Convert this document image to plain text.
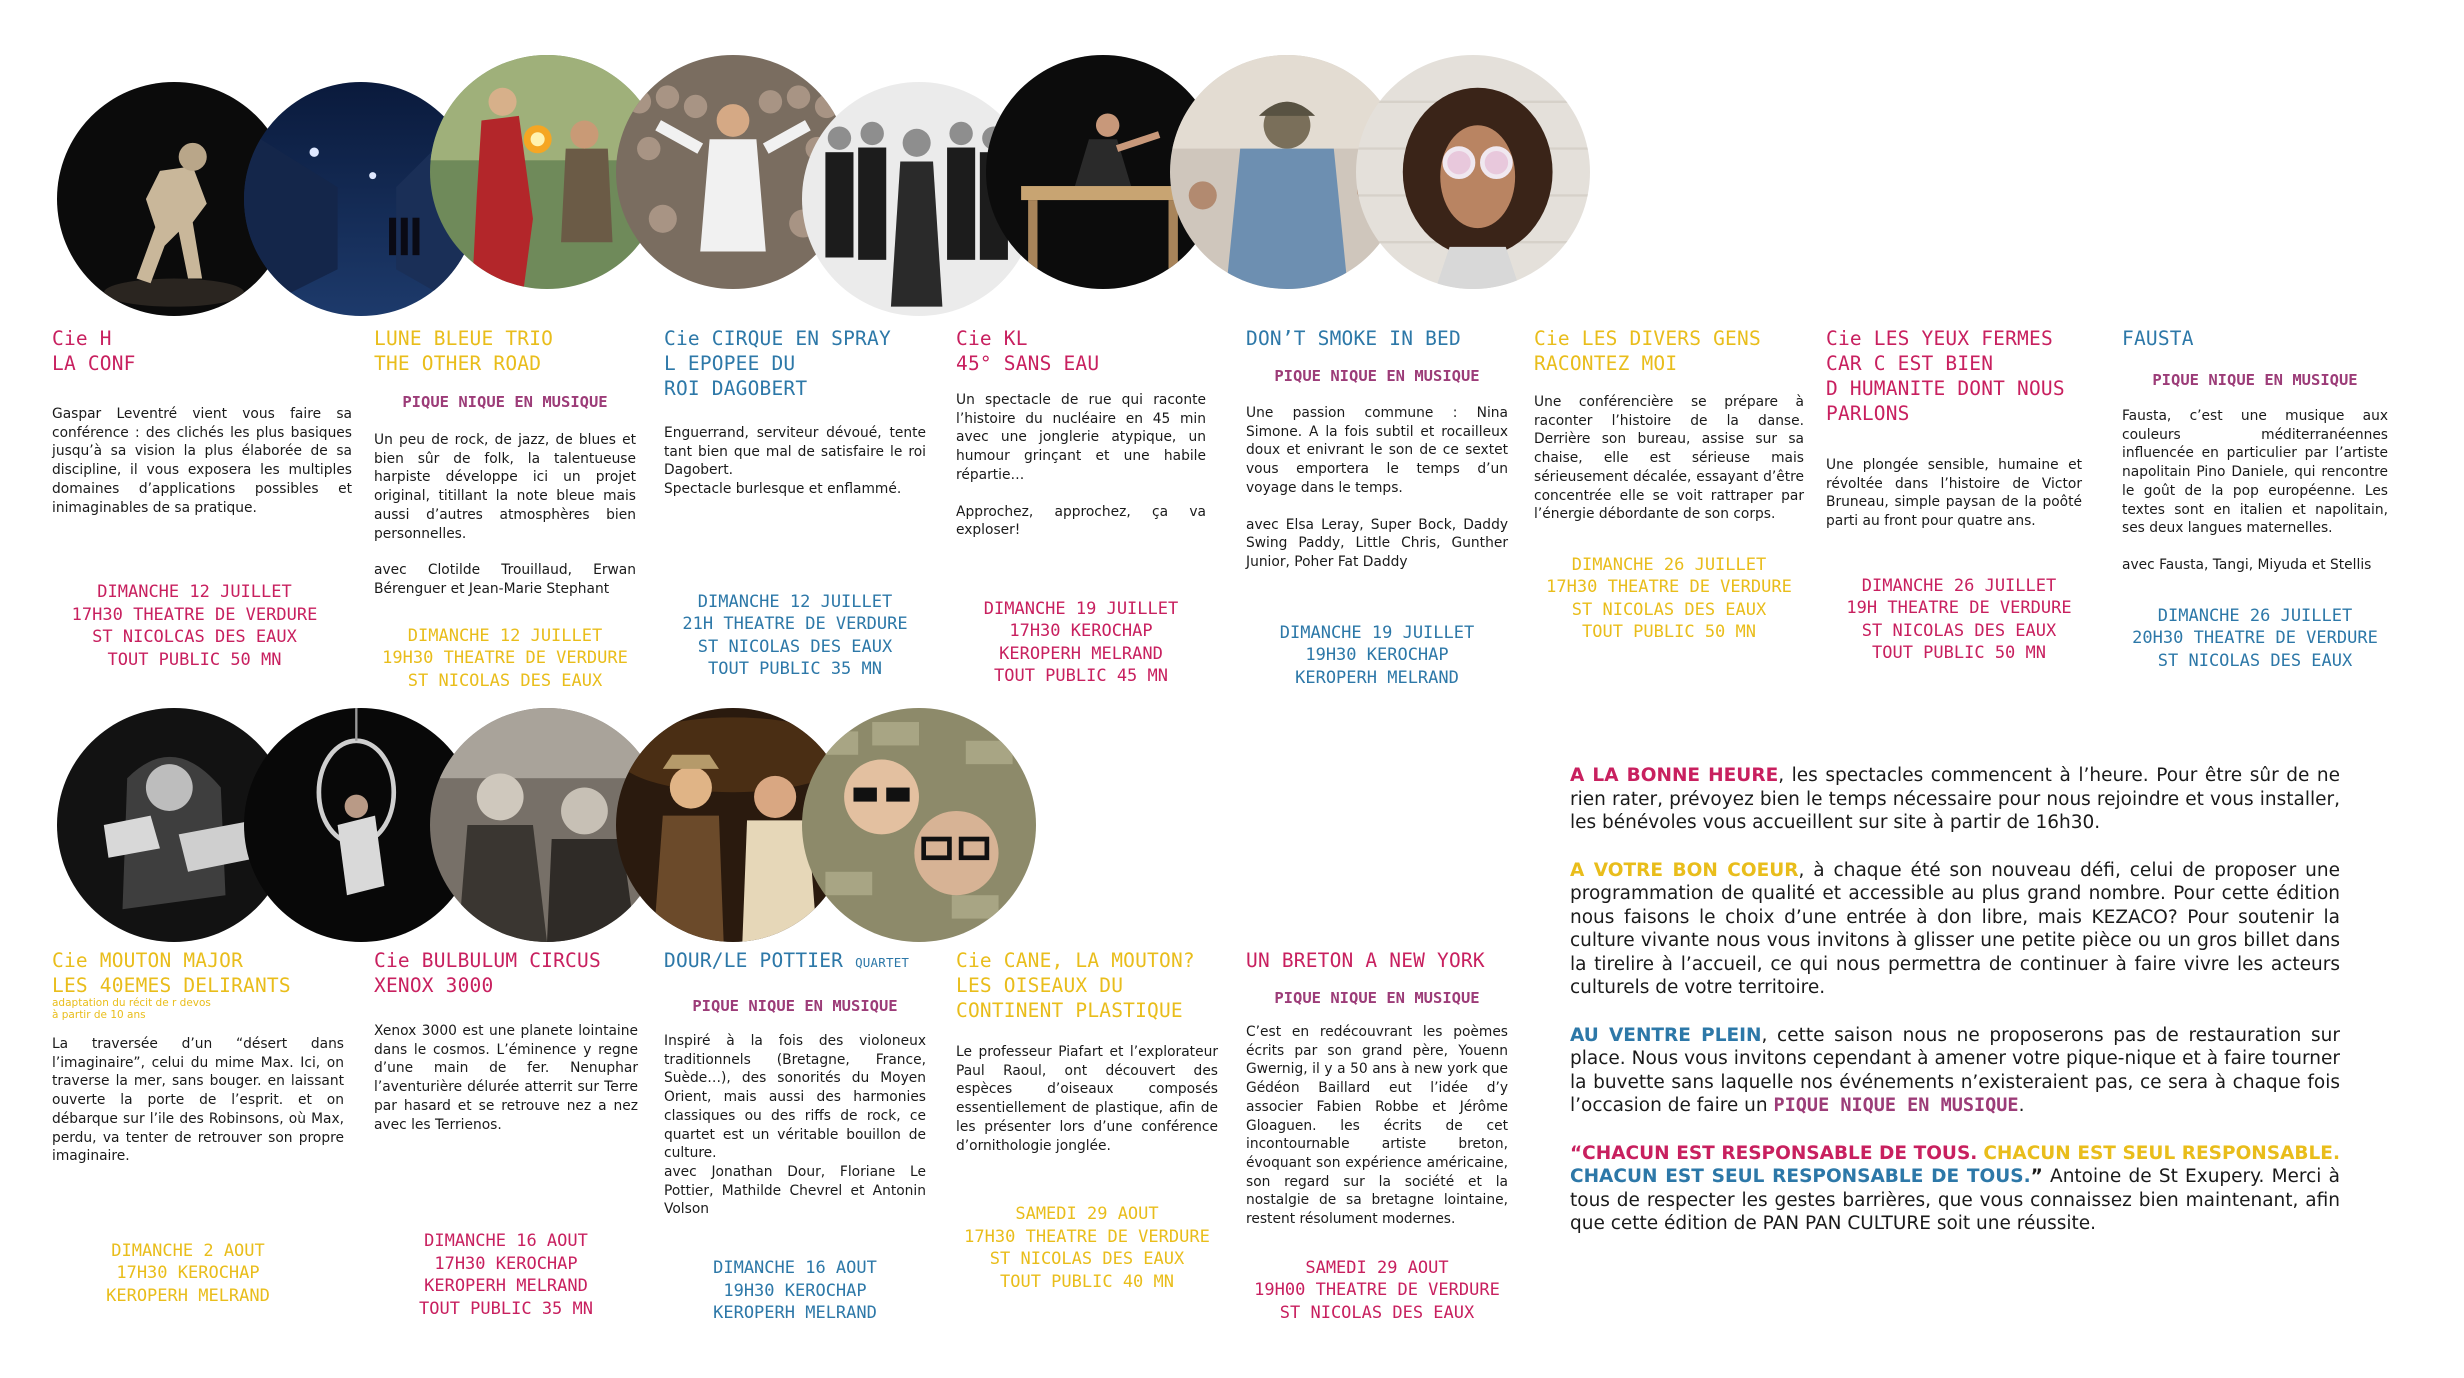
Cie H
LA CONF

Gaspar Leventré vient vous faire sa conférence : des clichés les plus basiques jusqu’à sa vision la plus élaborée de sa discipline, il vous exposera les multiples domaines d’applications possibles et inimaginables de sa pratique.

DIMANCHE 12 JUILLET
17H30 THEATRE DE VERDURE
ST NICOLCAS DES EAUX
TOUT PUBLIC 50 MN
LUNE BLEUE TRIO
THE OTHER ROAD

PIQUE NIQUE EN MUSIQUE

Un peu de rock, de jazz, de blues et bien sûr de folk, la talentueuse harpiste développe ici un projet original, titillant la note bleue mais aussi d’autres atmosphères bien personnelles.

avec Clotilde Trouillaud, Erwan Bérenguer et Jean-Marie Stephant

DIMANCHE 12 JUILLET
19H30 THEATRE DE VERDURE
ST NICOLAS DES EAUX
Cie CIRQUE EN SPRAY
L EPOPEE DU
ROI DAGOBERT

Enguerrand, serviteur dévoué, tente tant bien que mal de satisfaire le roi Dagobert.

Spectacle burlesque et enflammé.

DIMANCHE 12 JUILLET
21H THEATRE DE VERDURE
ST NICOLAS DES EAUX
TOUT PUBLIC 35 MN
Cie KL
45° SANS EAU

Un spectacle de rue qui raconte l’histoire du nucléaire en 45 min avec une jonglerie atypique, un humour grinçant et une habile répartie…

Approchez, approchez, ça va exploser!

DIMANCHE 19 JUILLET
17H30 KEROCHAP
KEROPERH MELRAND
TOUT PUBLIC 45 MN
DON’T SMOKE IN BED

PIQUE NIQUE EN MUSIQUE

Une passion commune : Nina Simone. A la fois subtil et rocailleux doux et enivrant le son de ce sextet vous emportera le temps d’un voyage dans le temps.

avec Elsa Leray, Super Bock, Daddy Swing Paddy, Little Chris, Gunther Junior, Poher Fat Daddy

DIMANCHE 19 JUILLET
19H30 KEROCHAP
KEROPERH MELRAND
Cie LES DIVERS GENS
RACONTEZ MOI

Une conférencière se prépare à raconter l’histoire de la danse. Derrière son bureau, assise sur sa chaise, elle est sérieuse mais sérieusement décalée, essayant d’être concentrée elle se voit rattraper par l’énergie débordante de son corps.

DIMANCHE 26 JUILLET
17H30 THEATRE DE VERDURE
ST NICOLAS DES EAUX
TOUT PUBLIC 50 MN
Cie LES YEUX FERMES
CAR C EST BIEN
D HUMANITE DONT NOUS
PARLONS

Une plongée sensible, humaine et révoltée dans l’histoire de Victor Bruneau, simple paysan de la poôté parti au front pour quatre ans.

DIMANCHE 26 JUILLET
19H THEATRE DE VERDURE
ST NICOLAS DES EAUX
TOUT PUBLIC 50 MN
FAUSTA

PIQUE NIQUE EN MUSIQUE

Fausta, c’est une musique aux couleurs méditerranéennes influencée en particulier par l’artiste napolitain Pino Daniele, qui rencontre le goût de la pop européenne. Les textes sont en italien et napolitain, ses deux langues maternelles.

avec Fausta, Tangi, Miyuda et Stellis

DIMANCHE 26 JUILLET
20H30 THEATRE DE VERDURE
ST NICOLAS DES EAUX
Cie MOUTON MAJOR
LES 40EMES DELIRANTS

adaptation du récit de r devos

à partir de 10 ans

La traversée d’un “désert dans l’imaginaire”, celui du mime Max. Ici, on traverse la mer, sans bouger. en laissant ouverte la porte de l’esprit. et on débarque sur l’ile des Robinsons, où Max, perdu, va tenter de retrouver son propre imaginaire.

DIMANCHE 2 AOUT
17H30 KEROCHAP
KEROPERH MELRAND
Cie BULBULUM CIRCUS
XENOX 3000

Xenox 3000 est une planete lointaine dans le cosmos. L’éminence y regne d’une main de fer. Nenuphar l’aventurière délurée atterrit sur Terre par hasard et se retrouve nez a nez avec les Terrienos.

DIMANCHE 16 AOUT
17H30 KEROCHAP
KEROPERH MELRAND
TOUT PUBLIC 35 MN
DOUR/LE POTTIER QUARTET

PIQUE NIQUE EN MUSIQUE

Inspiré à la fois des violoneux traditionnels (Bretagne, France, Suède…), des sonorités du Moyen Orient, mais aussi des harmonies classiques ou des riffs de rock, ce quartet est un véritable bouillon de culture.

avec Jonathan Dour, Floriane Le Pottier, Mathilde Chevrel et Antonin Volson

DIMANCHE 16 AOUT
19H30 KEROCHAP
KEROPERH MELRAND
Cie CANE, LA MOUTON?
LES OISEAUX DU
CONTINENT PLASTIQUE

Le professeur Piafart et l’explorateur Paul Raoul, ont découvert des espèces d’oiseaux composés essentiellement de plastique, afin de les présenter lors d’une conférence d’ornithologie jonglée.

SAMEDI 29 AOUT
17H30 THEATRE DE VERDURE
ST NICOLAS DES EAUX
TOUT PUBLIC 40 MN
UN BRETON A NEW YORK

PIQUE NIQUE EN MUSIQUE

C’est en redécouvrant les poèmes écrits par son grand père, Youenn Gwernig, il y a 50 ans à new york que Gédéon Baillard eut l’idée d’y associer Fabien Robbe et Jérôme Gloaguen. les écrits de cet incontournable artiste breton, évoquant son expérience américaine, son regard sur la société et la nostalgie de sa bretagne lointaine, restent résolument modernes.

SAMEDI 29 AOUT
19H00 THEATRE DE VERDURE
ST NICOLAS DES EAUX

A LA BONNE HEURE, les spectacles commencent à l’heure. Pour être sûr de ne rien rater, prévoyez bien le temps nécessaire pour nous rejoindre et vous installer, les bénévoles vous accueillent sur site à partir de 16h30.

A VOTRE BON COEUR, à chaque été son nouveau défi, celui de proposer une programmation de qualité et accessible au plus grand nombre. Pour cette édition nous faisons le choix d’une entrée à don libre, mais KEZACO? Pour soutenir la culture vivante nous vous invitons à glisser une petite pièce ou un gros billet dans la tirelire à l’accueil, ce qui nous permettra de continuer à faire vivre les acteurs culturels de votre territoire.

AU VENTRE PLEIN, cette saison nous ne proposerons pas de restauration sur place. Nous vous invitons cependant à amener votre pique-nique et à faire tourner la buvette sans laquelle nos événements n’existeraient pas, ce sera à chaque fois l’occasion de faire un PIQUE NIQUE EN MUSIQUE.

“CHACUN EST RESPONSABLE DE TOUS. CHACUN EST SEUL RESPONSABLE. CHACUN EST SEUL RESPONSABLE DE TOUS.” Antoine de St Exupery. Merci à tous de respecter les gestes barrières, que vous connaissez bien maintenant, afin que cette édition de PAN PAN CULTURE soit une réussite.
